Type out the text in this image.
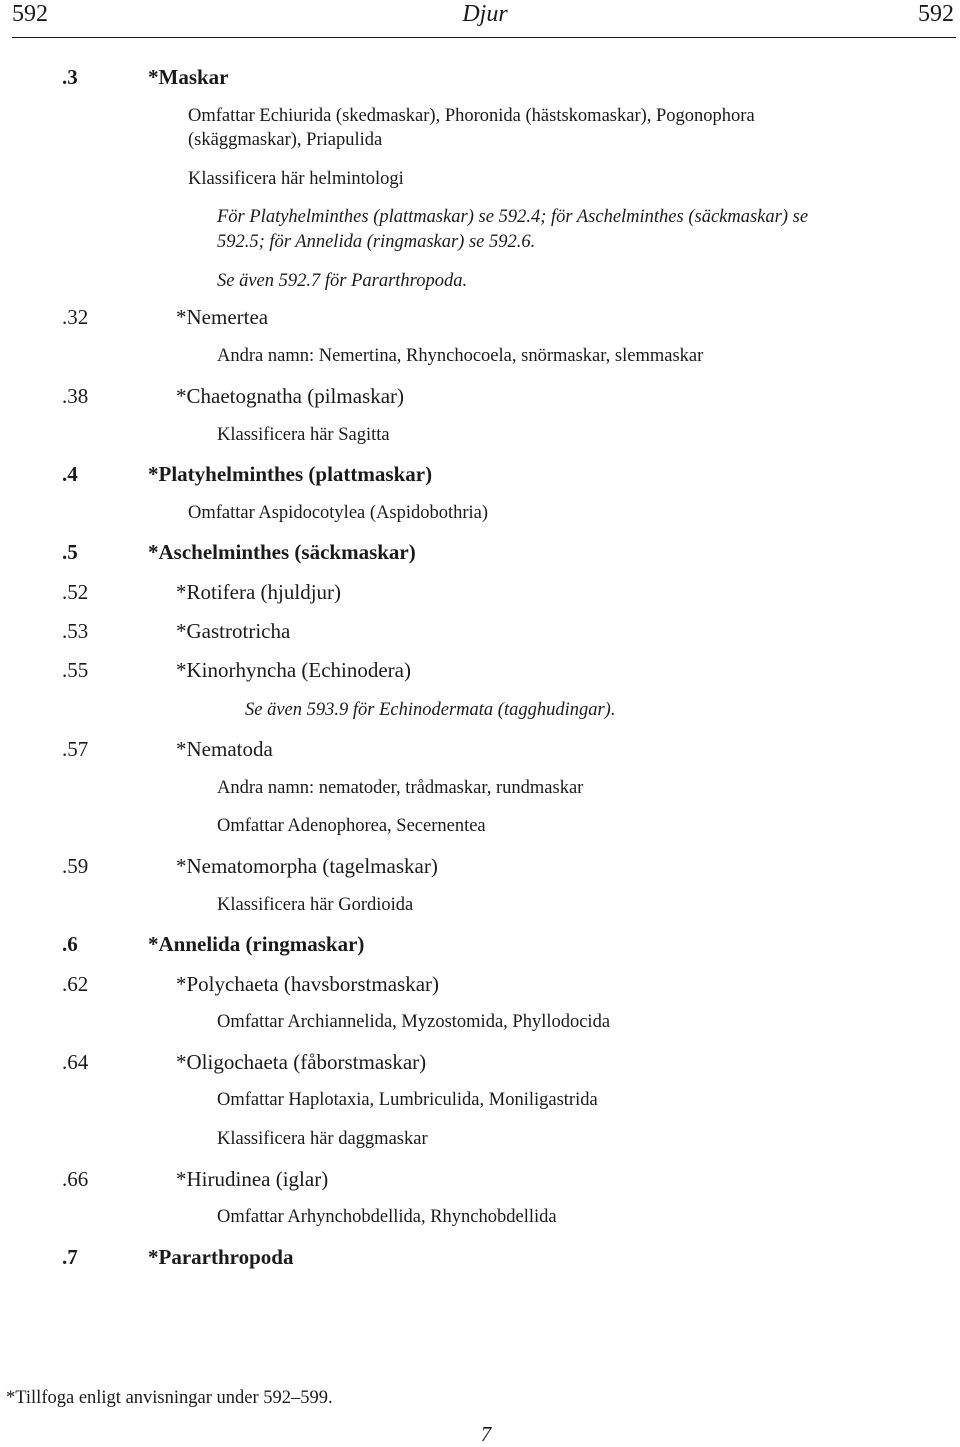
592	Djur	592
.3	*Maskar
Omfattar Echiurida (skedmaskar), Phoronida (hästskomaskar), Pogonophora
(skäggmaskar), Priapulida
Klassificera här helmintologi
För Platyhelminthes (plattmaskar) se 592.4; för Aschelminthes (säckmaskar) se
592.5; för Annelida (ringmaskar) se 592.6.
Se även 592.7 för Pararthropoda.
.32	*Nemertea
Andra namn: Nemertina, Rhynchocoela, snörmaskar, slemmaskar
.38	*Chaetognatha (pilmaskar)
Klassificera här Sagitta
.4	*Platyhelminthes (plattmaskar)
Omfattar Aspidocotylea (Aspidobothria)
.5	*Aschelminthes (säckmaskar)
.52	*Rotifera (hjuldjur)
.53	*Gastrotricha
.55	*Kinorhyncha (Echinodera)
Se även 593.9 för Echinodermata (tagghudingar).
.57	*Nematoda
Andra namn: nematoder, trådmaskar, rundmaskar
Omfattar Adenophorea, Secernentea
.59	*Nematomorpha (tagelmaskar)
Klassificera här Gordioida
.6	*Annelida (ringmaskar)
.62	*Polychaeta (havsborstmaskar)
Omfattar Archiannelida, Myzostomida, Phyllodocida
.64	*Oligochaeta (fåborstmaskar)
Omfattar Haplotaxia, Lumbriculida, Moniligastrida
Klassificera här daggmaskar
.66	*Hirudinea (iglar)
Omfattar Arhynchobdellida, Rhynchobdellida
.7	*Pararthropoda
*Tillfoga enligt anvisningar under 592–599.
7
